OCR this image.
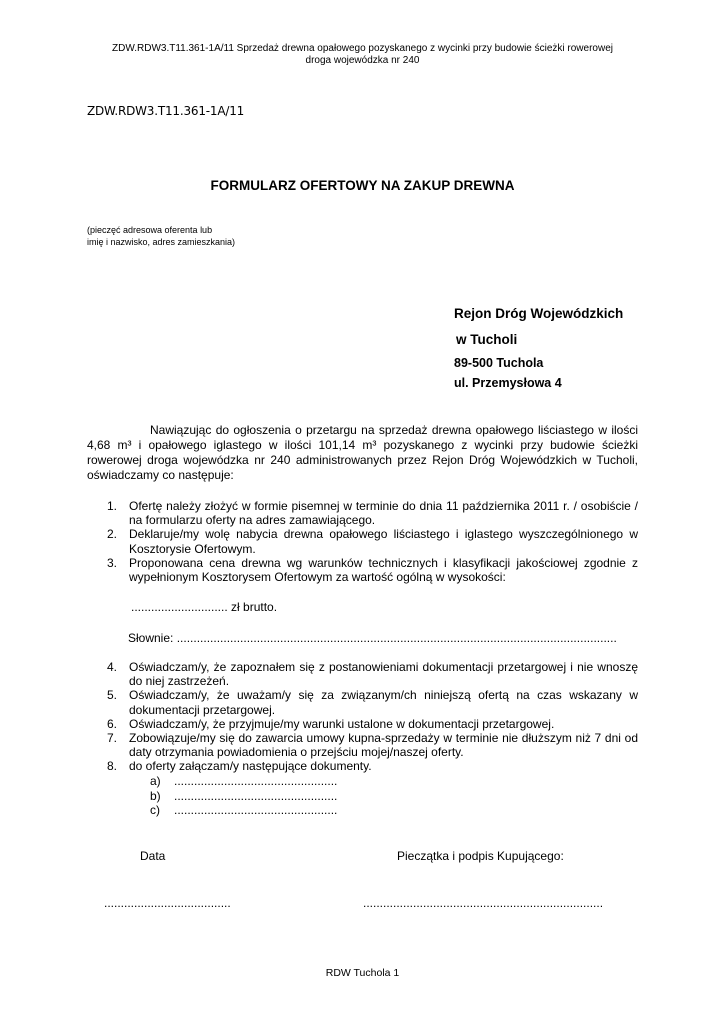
ZDW.RDW3.T11.361-1A/11 Sprzedaż drewna opałowego pozyskanego z wycinki przy budowie ścieżki rowerowej
droga wojewódzka nr 240
ZDW.RDW3.T11.361-1A/11
FORMULARZ OFERTOWY NA ZAKUP DREWNA
(pieczęć adresowa oferenta lub
imię i nazwisko, adres zamieszkania)
Rejon Dróg Wojewódzkich
w Tucholi
89-500 Tuchola
ul. Przemysłowa 4
Nawiązując do ogłoszenia o przetargu na sprzedaż drewna opałowego liściastego w ilości 4,68 m³ i opałowego iglastego w ilości 101,14 m³ pozyskanego z wycinki przy budowie ścieżki rowerowej droga wojewódzka nr 240 administrowanych przez Rejon Dróg Wojewódzkich w Tucholi, oświadczamy co następuje:
1. Ofertę należy złożyć w formie pisemnej w terminie do dnia 11 października 2011 r. / osobiście / na formularzu oferty na adres zamawiającego.
2. Deklaruje/my wolę nabycia drewna opałowego liściastego i iglastego wyszczególnionego w Kosztorysie Ofertowym.
3. Proponowana cena drewna wg warunków technicznych i klasyfikacji jakościowej zgodnie z wypełnionym Kosztorysem Ofertowym za wartość ogólną w wysokości:
............................. zł brutto.
Słownie: ....................................................................................................................................
4. Oświadczam/y, że zapoznałem się z postanowieniami dokumentacji przetargowej i nie wnoszę do niej zastrzeżeń.
5. Oświadczam/y, że uważam/y się za związanym/ch niniejszą ofertą na czas wskazany w dokumentacji przetargowej.
6. Oświadczam/y, że przyjmuje/my warunki ustalone w dokumentacji przetargowej.
7. Zobowiązuje/my się do zawarcia umowy kupna-sprzedaży w terminie nie dłuższym niż 7 dni od daty otrzymania powiadomienia o przejściu mojej/naszej oferty.
8. do oferty załączam/y następujące dokumenty.
a) .................................................
b) .................................................
c) .................................................
Data	Pieczątka i podpis Kupującego:
......................................	........................................................................
RDW Tuchola 1
